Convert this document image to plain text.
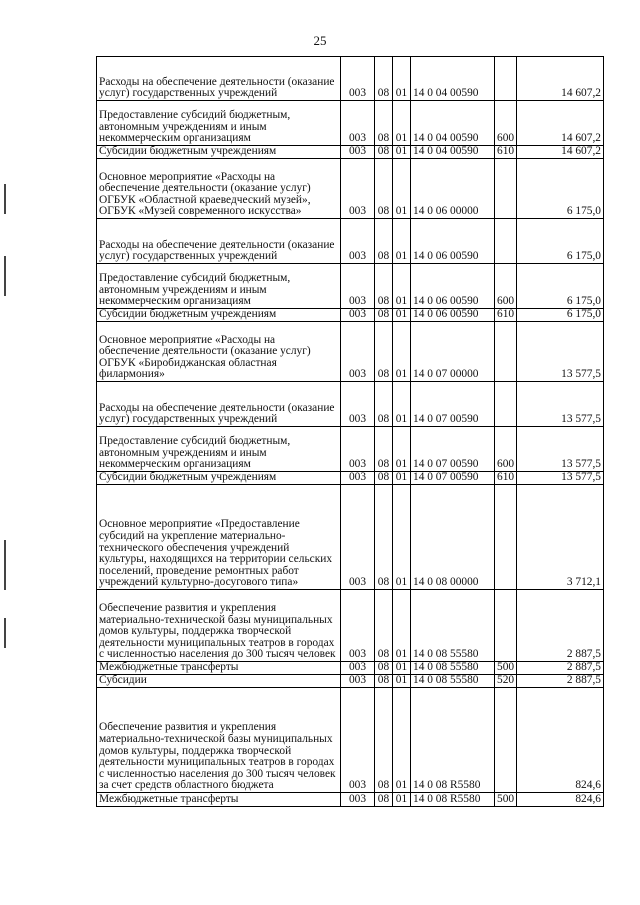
25
Расходы на обеспечение деятельности (оказание услуг) государственных учреждений	003	08	01	14 0 04 00590		14 607,2
Предоставление субсидий бюджетным, автономным учреждениям и иным некоммерческим организациям	003	08	01	14 0 04 00590	600	14 607,2
Субсидии бюджетным учреждениям	003	08	01	14 0 04 00590	610	14 607,2
Основное мероприятие «Расходы на обеспечение деятельности (оказание услуг) ОГБУК «Областной краеведческий музей», ОГБУК «Музей современного искусства»	003	08	01	14 0 06 00000		6 175,0
Расходы на обеспечение деятельности (оказание услуг) государственных учреждений	003	08	01	14 0 06 00590		6 175,0
Предоставление субсидий бюджетным, автономным учреждениям и иным некоммерческим организациям	003	08	01	14 0 06 00590	600	6 175,0
Субсидии бюджетным учреждениям	003	08	01	14 0 06 00590	610	6 175,0
Основное мероприятие «Расходы на обеспечение деятельности (оказание услуг) ОГБУК «Биробиджанская областная филармония»	003	08	01	14 0 07 00000		13 577,5
Расходы на обеспечение деятельности (оказание услуг) государственных учреждений	003	08	01	14 0 07 00590		13 577,5
Предоставление субсидий бюджетным, автономным учреждениям и иным некоммерческим организациям	003	08	01	14 0 07 00590	600	13 577,5
Субсидии бюджетным учреждениям	003	08	01	14 0 07 00590	610	13 577,5
Основное мероприятие «Предоставление субсидий на укрепление материально-технического обеспечения учреждений культуры, находящихся на территории сельских поселений, проведение ремонтных работ учреждений культурно-досугового типа»	003	08	01	14 0 08 00000		3 712,1
Обеспечение развития и укрепления материально-технической базы муниципальных домов культуры, поддержка творческой деятельности муниципальных театров в городах с численностью населения до 300 тысяч человек	003	08	01	14 0 08 55580		2 887,5
Межбюджетные трансферты	003	08	01	14 0 08 55580	500	2 887,5
Субсидии	003	08	01	14 0 08 55580	520	2 887,5
Обеспечение развития и укрепления материально-технической базы муниципальных домов культуры, поддержка творческой деятельности муниципальных театров в городах с численностью населения до 300 тысяч человек за счет средств областного бюджета	003	08	01	14 0 08 R5580		824,6
Межбюджетные трансферты	003	08	01	14 0 08 R5580	500	824,6
